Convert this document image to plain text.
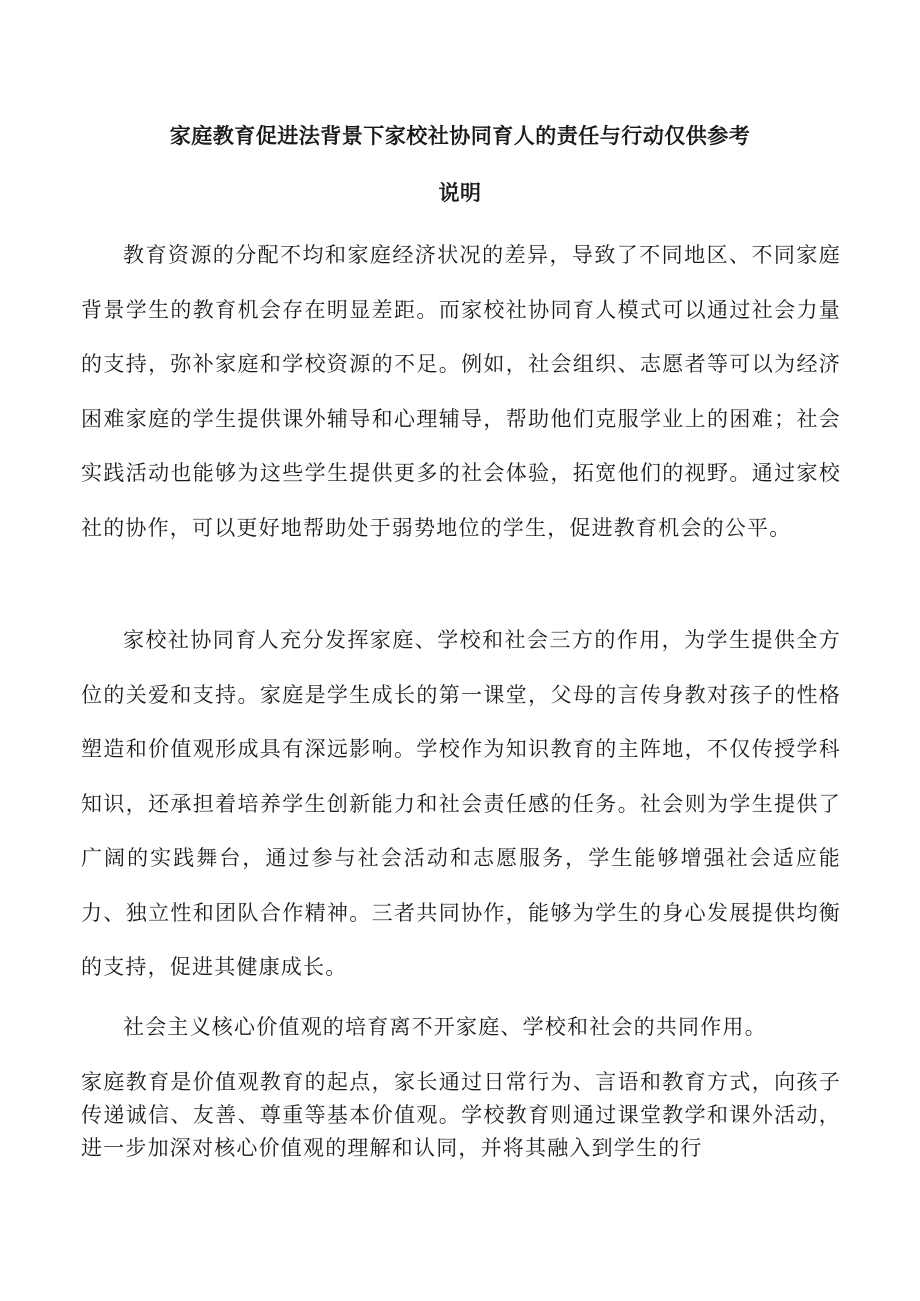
家庭教育促进法背景下家校社协同育人的责任与行动仅供参考
说明

教育资源的分配不均和家庭经济状况的差异，导致了不同地区、不同家庭背景学生的教育机会存在明显差距。而家校社协同育人模式可以通过社会力量的支持，弥补家庭和学校资源的不足。例如，社会组织、志愿者等可以为经济困难家庭的学生提供课外辅导和心理辅导，帮助他们克服学业上的困难；社会实践活动也能够为这些学生提供更多的社会体验，拓宽他们的视野。通过家校社的协作，可以更好地帮助处于弱势地位的学生，促进教育机会的公平。

家校社协同育人充分发挥家庭、学校和社会三方的作用，为学生提供全方位的关爱和支持。家庭是学生成长的第一课堂，父母的言传身教对孩子的性格塑造和价值观形成具有深远影响。学校作为知识教育的主阵地，不仅传授学科知识，还承担着培养学生创新能力和社会责任感的任务。社会则为学生提供了广阔的实践舞台，通过参与社会活动和志愿服务，学生能够增强社会适应能力、独立性和团队合作精神。三者共同协作，能够为学生的身心发展提供均衡的支持，促进其健康成长。

社会主义核心价值观的培育离不开家庭、学校和社会的共同作用。

家庭教育是价值观教育的起点，家长通过日常行为、言语和教育方式，向孩子传递诚信、友善、尊重等基本价值观。学校教育则通过课堂教学和课外活动，进一步加深对核心价值观的理解和认同，并将其融入到学生的行
